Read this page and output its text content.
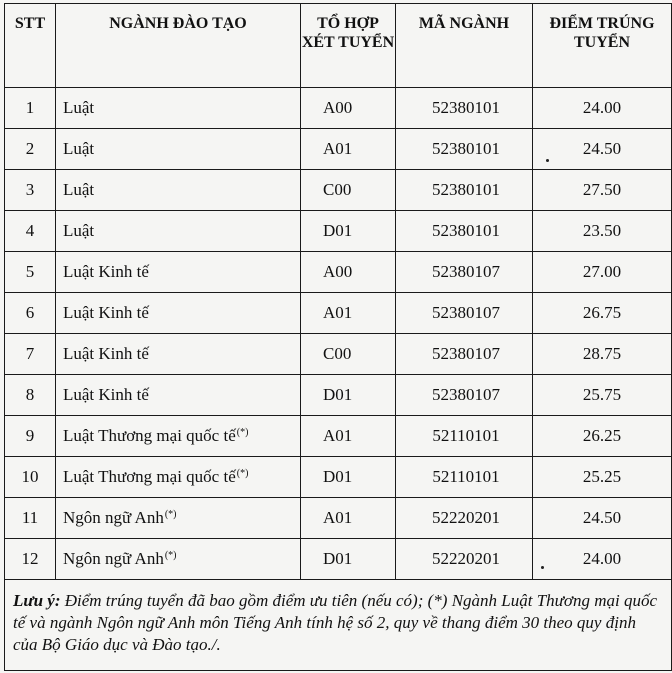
STT	NGÀNH ĐÀO TẠO	TỔ HỢP XÉT TUYỂN	MÃ NGÀNH	ĐIỂM TRÚNG TUYỂN
1	Luật	A00	52380101	24.00
2	Luật	A01	52380101	24.50
3	Luật	C00	52380101	27.50
4	Luật	D01	52380101	23.50
5	Luật Kinh tế	A00	52380107	27.00
6	Luật Kinh tế	A01	52380107	26.75
7	Luật Kinh tế	C00	52380107	28.75
8	Luật Kinh tế	D01	52380107	25.75
9	Luật Thương mại quốc tế(*)	A01	52110101	26.25
10	Luật Thương mại quốc tế(*)	D01	52110101	25.25
11	Ngôn ngữ Anh(*)	A01	52220201	24.50
12	Ngôn ngữ Anh(*)	D01	52220201	24.00
Lưu ý: Điểm trúng tuyển đã bao gồm điểm ưu tiên (nếu có); (*) Ngành Luật Thương mại quốc tế và ngành Ngôn ngữ Anh môn Tiếng Anh tính hệ số 2, quy về thang điểm 30 theo quy định của Bộ Giáo dục và Đào tạo./.				
